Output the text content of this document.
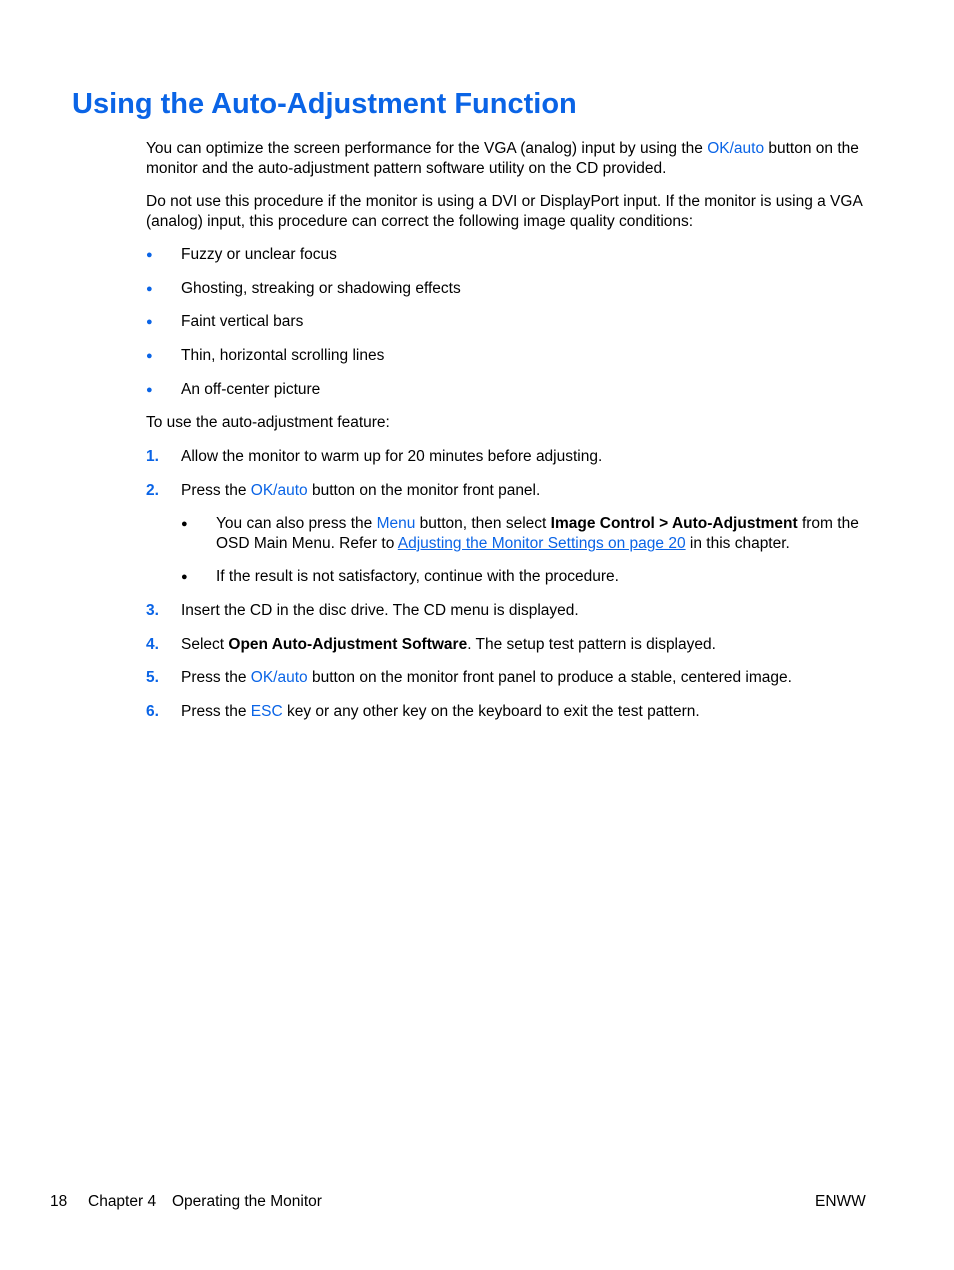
Using the Auto-Adjustment Function

You can optimize the screen performance for the VGA (analog) input by using the OK/auto button on the monitor and the auto-adjustment pattern software utility on the CD provided.

Do not use this procedure if the monitor is using a DVI or DisplayPort input. If the monitor is using a VGA (analog) input, this procedure can correct the following image quality conditions:

● Fuzzy or unclear focus
● Ghosting, streaking or shadowing effects
● Faint vertical bars
● Thin, horizontal scrolling lines
● An off-center picture

To use the auto-adjustment feature:

1. Allow the monitor to warm up for 20 minutes before adjusting.
2. Press the OK/auto button on the monitor front panel.
● You can also press the Menu button, then select Image Control > Auto-Adjustment from the OSD Main Menu. Refer to Adjusting the Monitor Settings on page 20 in this chapter.
● If the result is not satisfactory, continue with the procedure.
3. Insert the CD in the disc drive. The CD menu is displayed.
4. Select Open Auto-Adjustment Software. The setup test pattern is displayed.
5. Press the OK/auto button on the monitor front panel to produce a stable, centered image.
6. Press the ESC key or any other key on the keyboard to exit the test pattern.
18 Chapter 4 Operating the Monitor	ENWW
